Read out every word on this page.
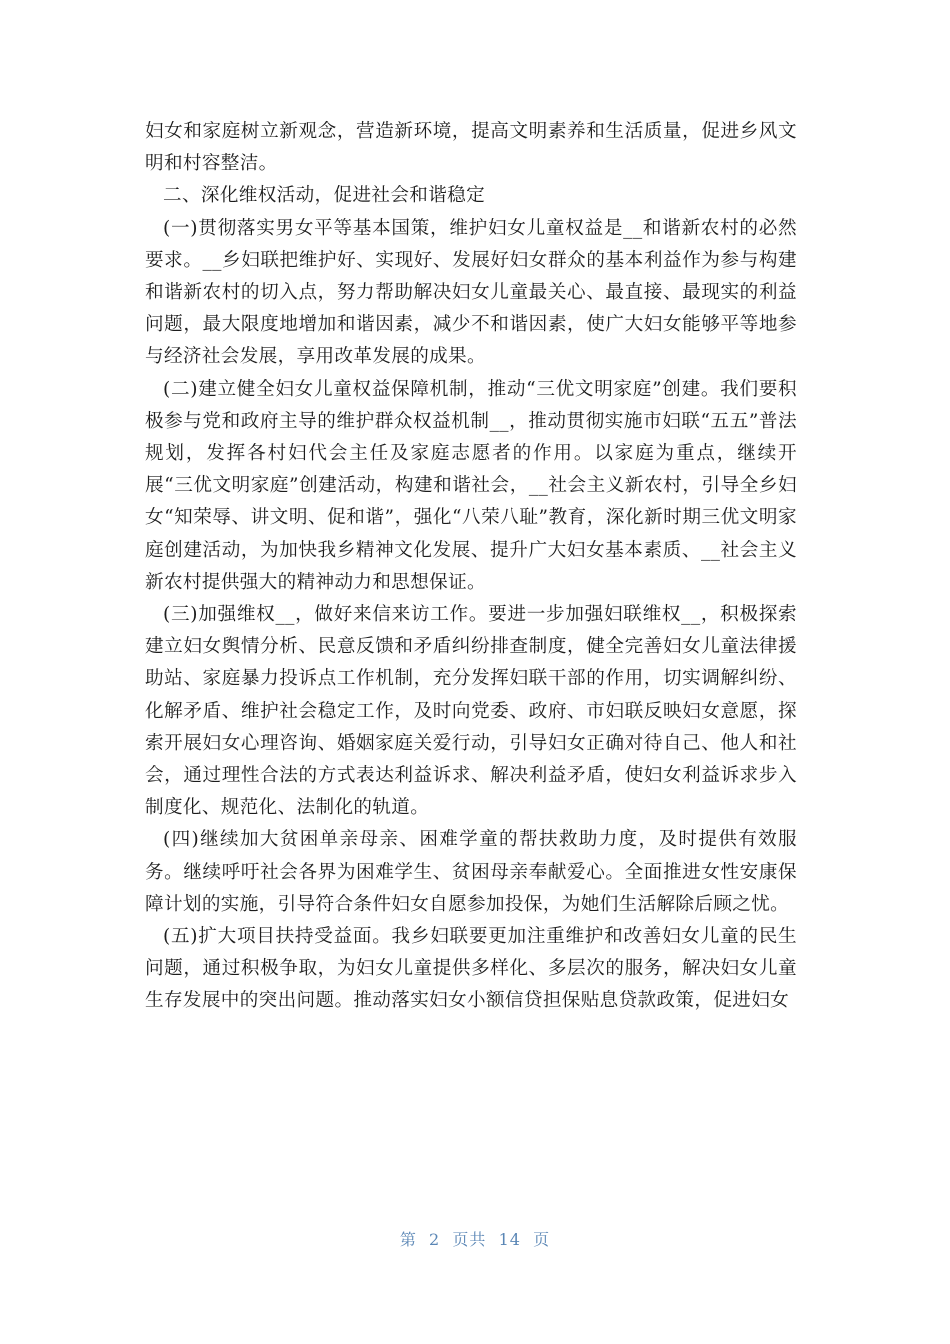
妇女和家庭树立新观念，营造新环境，提高文明素养和生活质量，促进乡风文明和村容整洁。

二、深化维权活动，促进社会和谐稳定

(一)贯彻落实男女平等基本国策，维护妇女儿童权益是__和谐新农村的必然要求。__乡妇联把维护好、实现好、发展好妇女群众的基本利益作为参与构建和谐新农村的切入点，努力帮助解决妇女儿童最关心、最直接、最现实的利益问题，最大限度地增加和谐因素，减少不和谐因素，使广大妇女能够平等地参与经济社会发展，享用改革发展的成果。

(二)建立健全妇女儿童权益保障机制，推动“三优文明家庭”创建。我们要积极参与党和政府主导的维护群众权益机制__，推动贯彻实施市妇联“五五”普法规划，发挥各村妇代会主任及家庭志愿者的作用。以家庭为重点，继续开展“三优文明家庭”创建活动，构建和谐社会，__社会主义新农村，引导全乡妇女“知荣辱、讲文明、促和谐”，强化“八荣八耻”教育，深化新时期三优文明家庭创建活动，为加快我乡精神文化发展、提升广大妇女基本素质、__社会主义新农村提供强大的精神动力和思想保证。

(三)加强维权__，做好来信来访工作。要进一步加强妇联维权__，积极探索建立妇女舆情分析、民意反馈和矛盾纠纷排查制度，健全完善妇女儿童法律援助站、家庭暴力投诉点工作机制，充分发挥妇联干部的作用，切实调解纠纷、化解矛盾、维护社会稳定工作，及时向党委、政府、市妇联反映妇女意愿，探索开展妇女心理咨询、婚姻家庭关爱行动，引导妇女正确对待自己、他人和社会，通过理性合法的方式表达利益诉求、解决利益矛盾，使妇女利益诉求步入制度化、规范化、法制化的轨道。

(四)继续加大贫困单亲母亲、困难学童的帮扶救助力度，及时提供有效服务。继续呼吁社会各界为困难学生、贫困母亲奉献爱心。全面推进女性安康保障计划的实施，引导符合条件妇女自愿参加投保，为她们生活解除后顾之忧。

(五)扩大项目扶持受益面。我乡妇联要更加注重维护和改善妇女儿童的民生问题，通过积极争取，为妇女儿童提供多样化、多层次的服务，解决妇女儿童生存发展中的突出问题。推动落实妇女小额信贷担保贴息贷款政策，促进妇女

第  2  页共  14  页
